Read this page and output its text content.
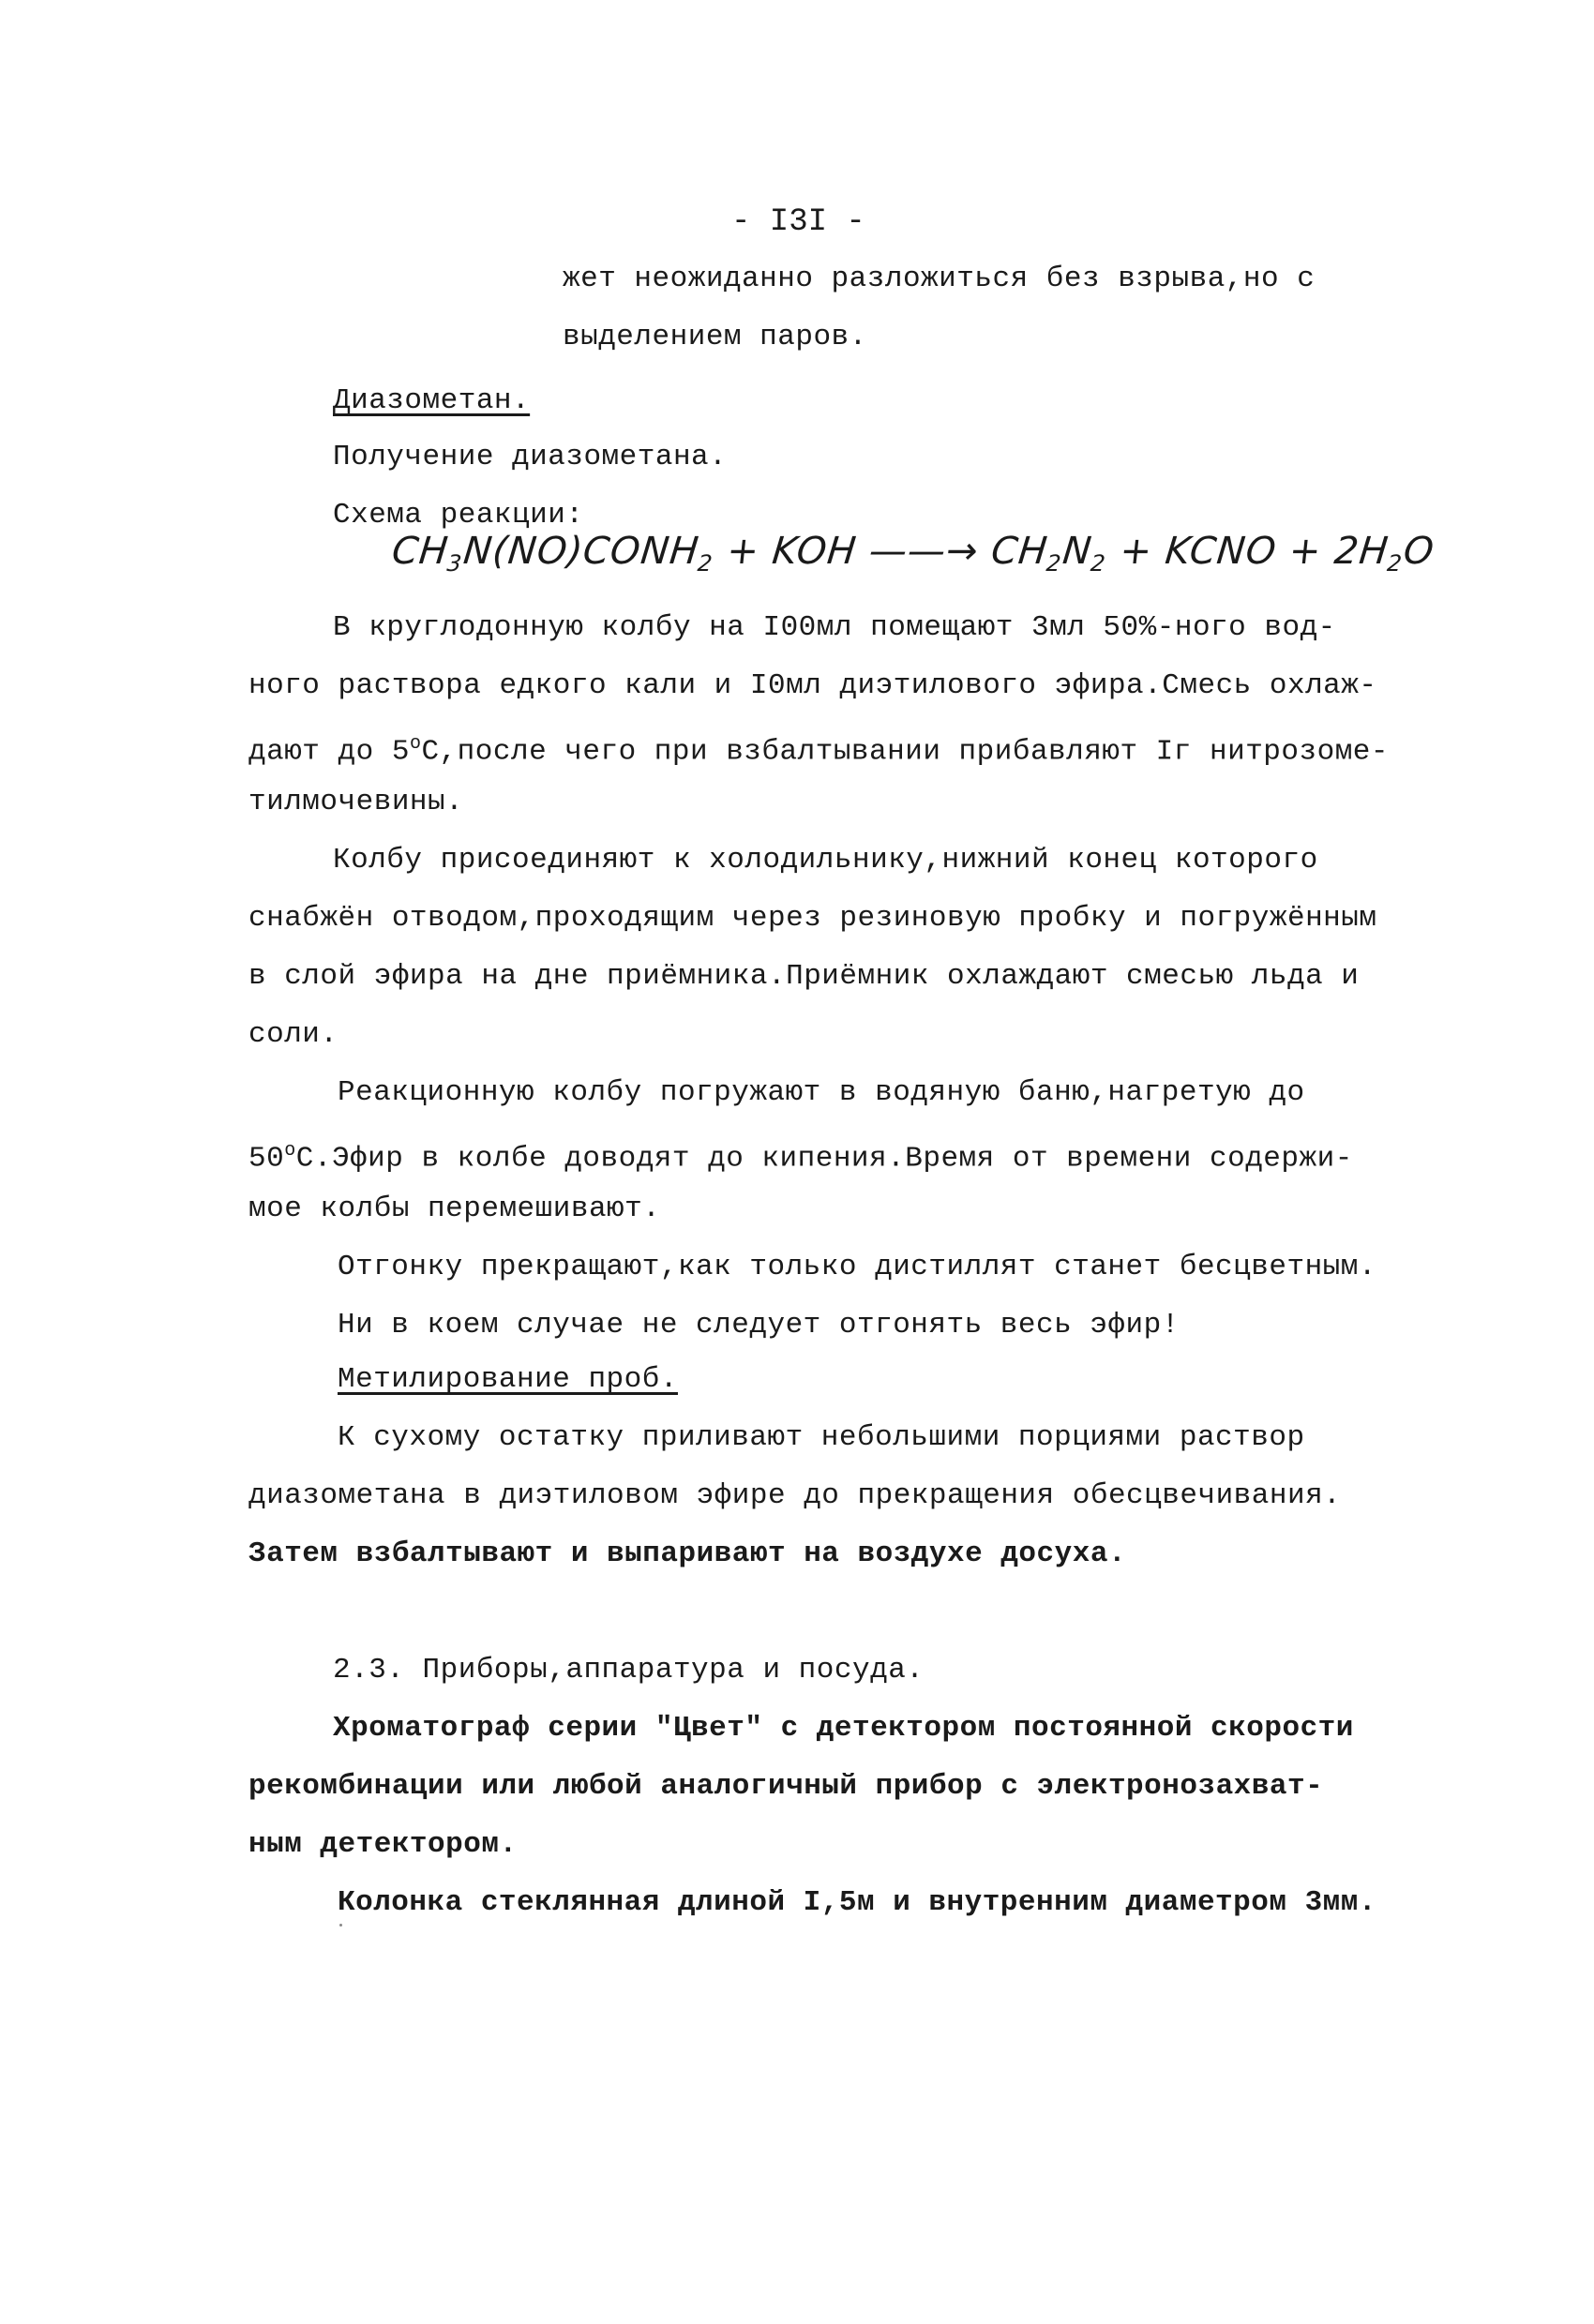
- I3I -
жет неожиданно разложиться без взрыва,но с
выделением паров.
Диазометан.
Получение диазометана.
Схема реакции:
$CH_3N(NO)CONH_2$ + KOH ——→ $CH_2N_2$ + KCNO + $2H_2O$
В круглодонную колбу на I00мл помещают 3мл 50%-ного вод-
ного раствора едкого кали и I0мл диэтилового эфира.Смесь охлаж-
дают до $5^оС,после$ чего при взбалтывании прибавляют Iг нитрозоме-
тилмочевины.
Колбу присоединяют к холодильнику,нижний конец которого
снабжён отводом,проходящим через резиновую пробку и погружённым
в слой эфира на дне приёмника.Приёмник охлаждают смесью льда и
соли.
Реакционную колбу погружают в водяную баню,нагретую до
$50^оС.Эфир$ в колбе доводят до кипения.Время от времени содержи-
мое колбы перемешивают.
Отгонку прекращают,как только дистиллят станет бесцветным.
Ни в коем случае не следует отгонять весь эфир!
Метилирование проб.
К сухому остатку приливают небольшими порциями раствор
диазометана в диэтиловом эфире до прекращения обесцвечивания.
Затем взбалтывают и выпаривают на воздухе досуха.
2.3. Приборы,аппаратура и посуда.
Хроматограф серии "Цвет" с детектором постоянной скорости
рекомбинации или любой аналогичный прибор с электронозахват-
ным детектором.
Колонка стеклянная длиной I,5м и внутренним диаметром 3мм.
